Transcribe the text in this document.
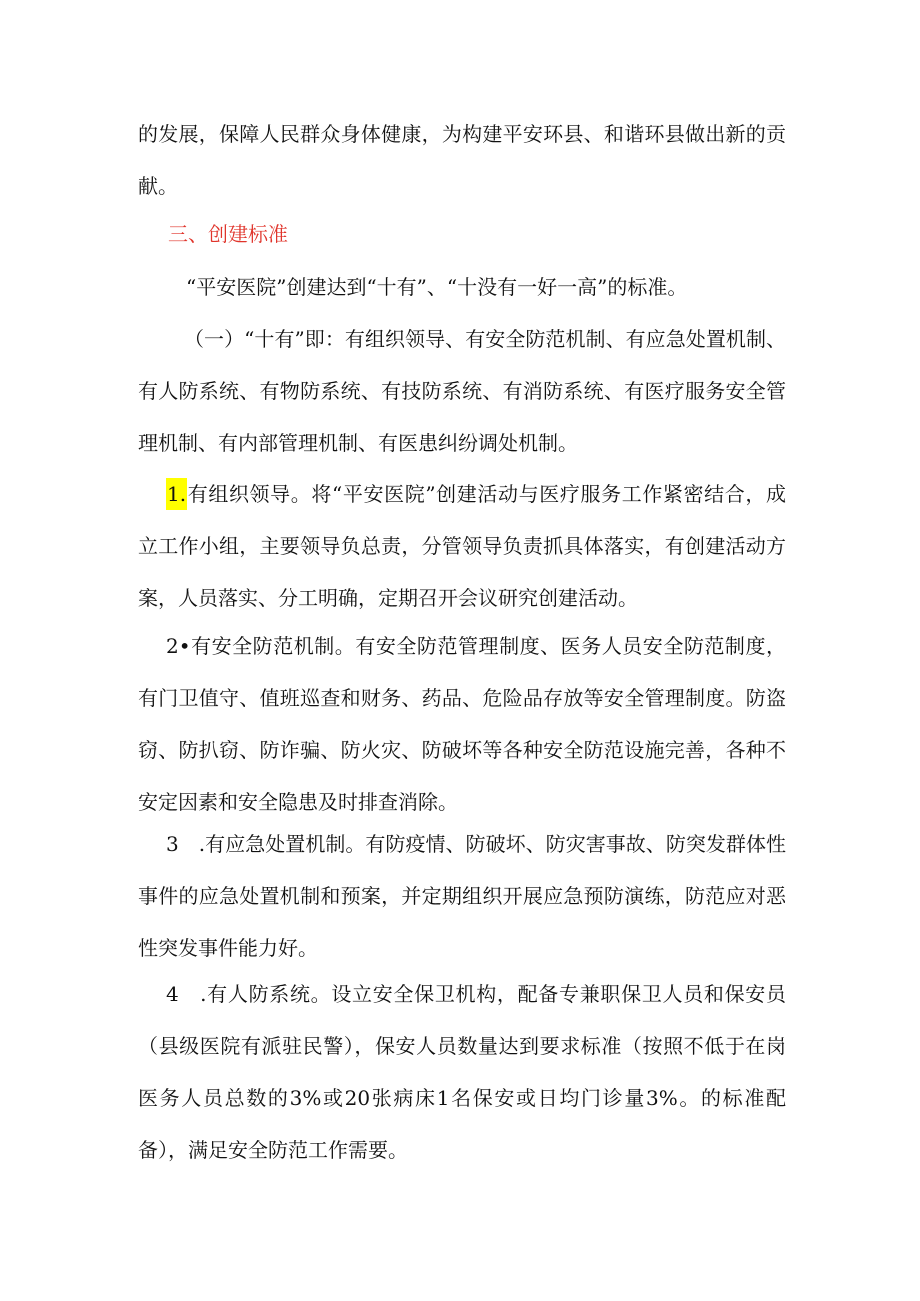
的发展，保障人民群众身体健康，为构建平安环县、和谐环县做出新的贡献。

三、创建标准

“平安医院”创建达到“十有”、“十没有一好一高”的标准。

（一）“十有”即：有组织领导、有安全防范机制、有应急处置机制、有人防系统、有物防系统、有技防系统、有消防系统、有医疗服务安全管理机制、有内部管理机制、有医患纠纷调处机制。

1.有组织领导。将“平安医院”创建活动与医疗服务工作紧密结合，成立工作小组，主要领导负总责，分管领导负责抓具体落实，有创建活动方案，人员落实、分工明确，定期召开会议研究创建活动。

2•有安全防范机制。有安全防范管理制度、医务人员安全防范制度，有门卫值守、值班巡查和财务、药品、危险品存放等安全管理制度。防盗窃、防扒窃、防诈骗、防火灾、防破坏等各种安全防范设施完善，各种不安定因素和安全隐患及时排查消除。

3　.有应急处置机制。有防疫情、防破坏、防灾害事故、防突发群体性事件的应急处置机制和预案，并定期组织开展应急预防演练，防范应对恶性突发事件能力好。

4　.有人防系统。设立安全保卫机构，配备专兼职保卫人员和保安员（县级医院有派驻民警），保安人员数量达到要求标准（按照不低于在岗医务人员总数的3%或20张病床1名保安或日均门诊量3%。的标准配备），满足安全防范工作需要。
